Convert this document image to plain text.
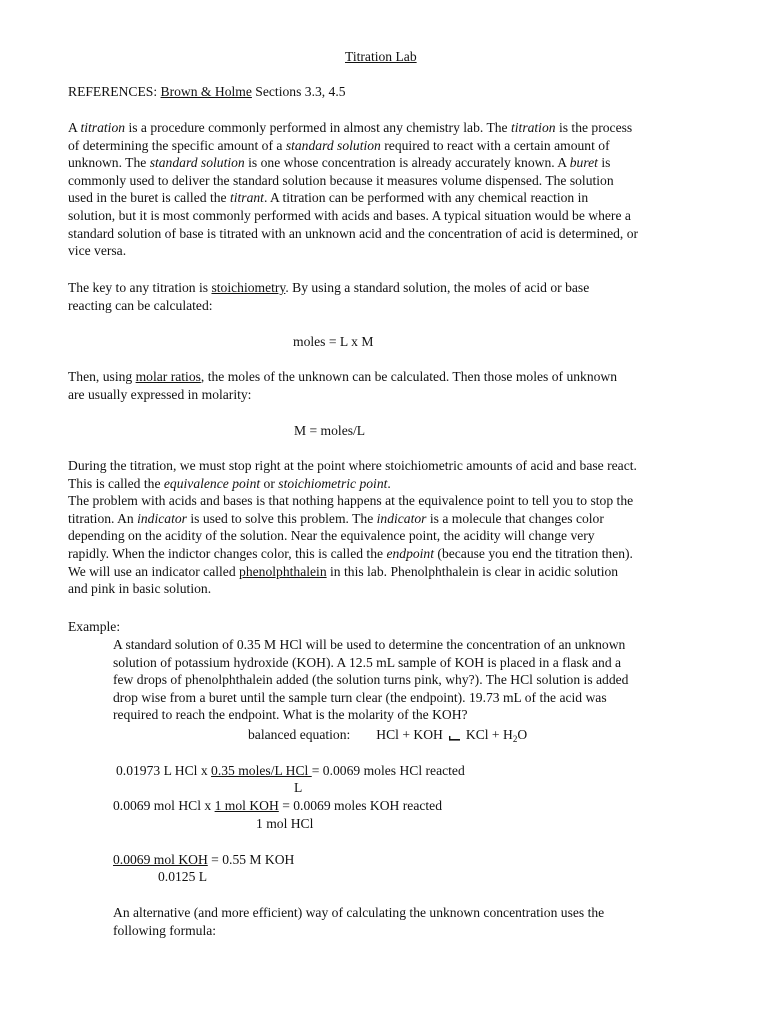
Titration Lab
REFERENCES: Brown & Holme Sections 3.3, 4.5
A titration is a procedure commonly performed in almost any chemistry lab. The titration is the process
of determining the specific amount of a standard solution required to react with a certain amount of
unknown. The standard solution is one whose concentration is already accurately known. A buret is
commonly used to deliver the standard solution because it measures volume dispensed. The solution
used in the buret is called the titrant. A titration can be performed with any chemical reaction in
solution, but it is most commonly performed with acids and bases. A typical situation would be where a
standard solution of base is titrated with an unknown acid and the concentration of acid is determined, or
vice versa.
The key to any titration is stoichiometry. By using a standard solution, the moles of acid or base
reacting can be calculated:
moles = L x M
Then, using molar ratios, the moles of the unknown can be calculated. Then those moles of unknown
are usually expressed in molarity:
M = moles/L
During the titration, we must stop right at the point where stoichiometric amounts of acid and base react.
This is called the equivalence point or stoichiometric point.
The problem with acids and bases is that nothing happens at the equivalence point to tell you to stop the
titration. An indicator is used to solve this problem. The indicator is a molecule that changes color
depending on the acidity of the solution. Near the equivalence point, the acidity will change very
rapidly. When the indictor changes color, this is called the endpoint (because you end the titration then).
We will use an indicator called phenolphthalein in this lab. Phenolphthalein is clear in acidic solution
and pink in basic solution.
Example:
A standard solution of 0.35 M HCl will be used to determine the concentration of an unknown
solution of potassium hydroxide (KOH). A 12.5 mL sample of KOH is placed in a flask and a
few drops of phenolphthalein added (the solution turns pink, why?). The HCl solution is added
drop wise from a buret until the sample turn clear (the endpoint). 19.73 mL of the acid was
required to reach the endpoint. What is the molarity of the KOH?
balanced equation: HCl + KOH KCl + $H_2O$
0.01973 L HCl x 0.35 moles/L HCl = 0.0069 moles HCl reacted
L
0.0069 mol HCl x 1 mol KOH = 0.0069 moles KOH reacted
1 mol HCl
0.0069 mol KOH = 0.55 M KOH
0.0125 L
An alternative (and more efficient) way of calculating the unknown concentration uses the
following formula:
